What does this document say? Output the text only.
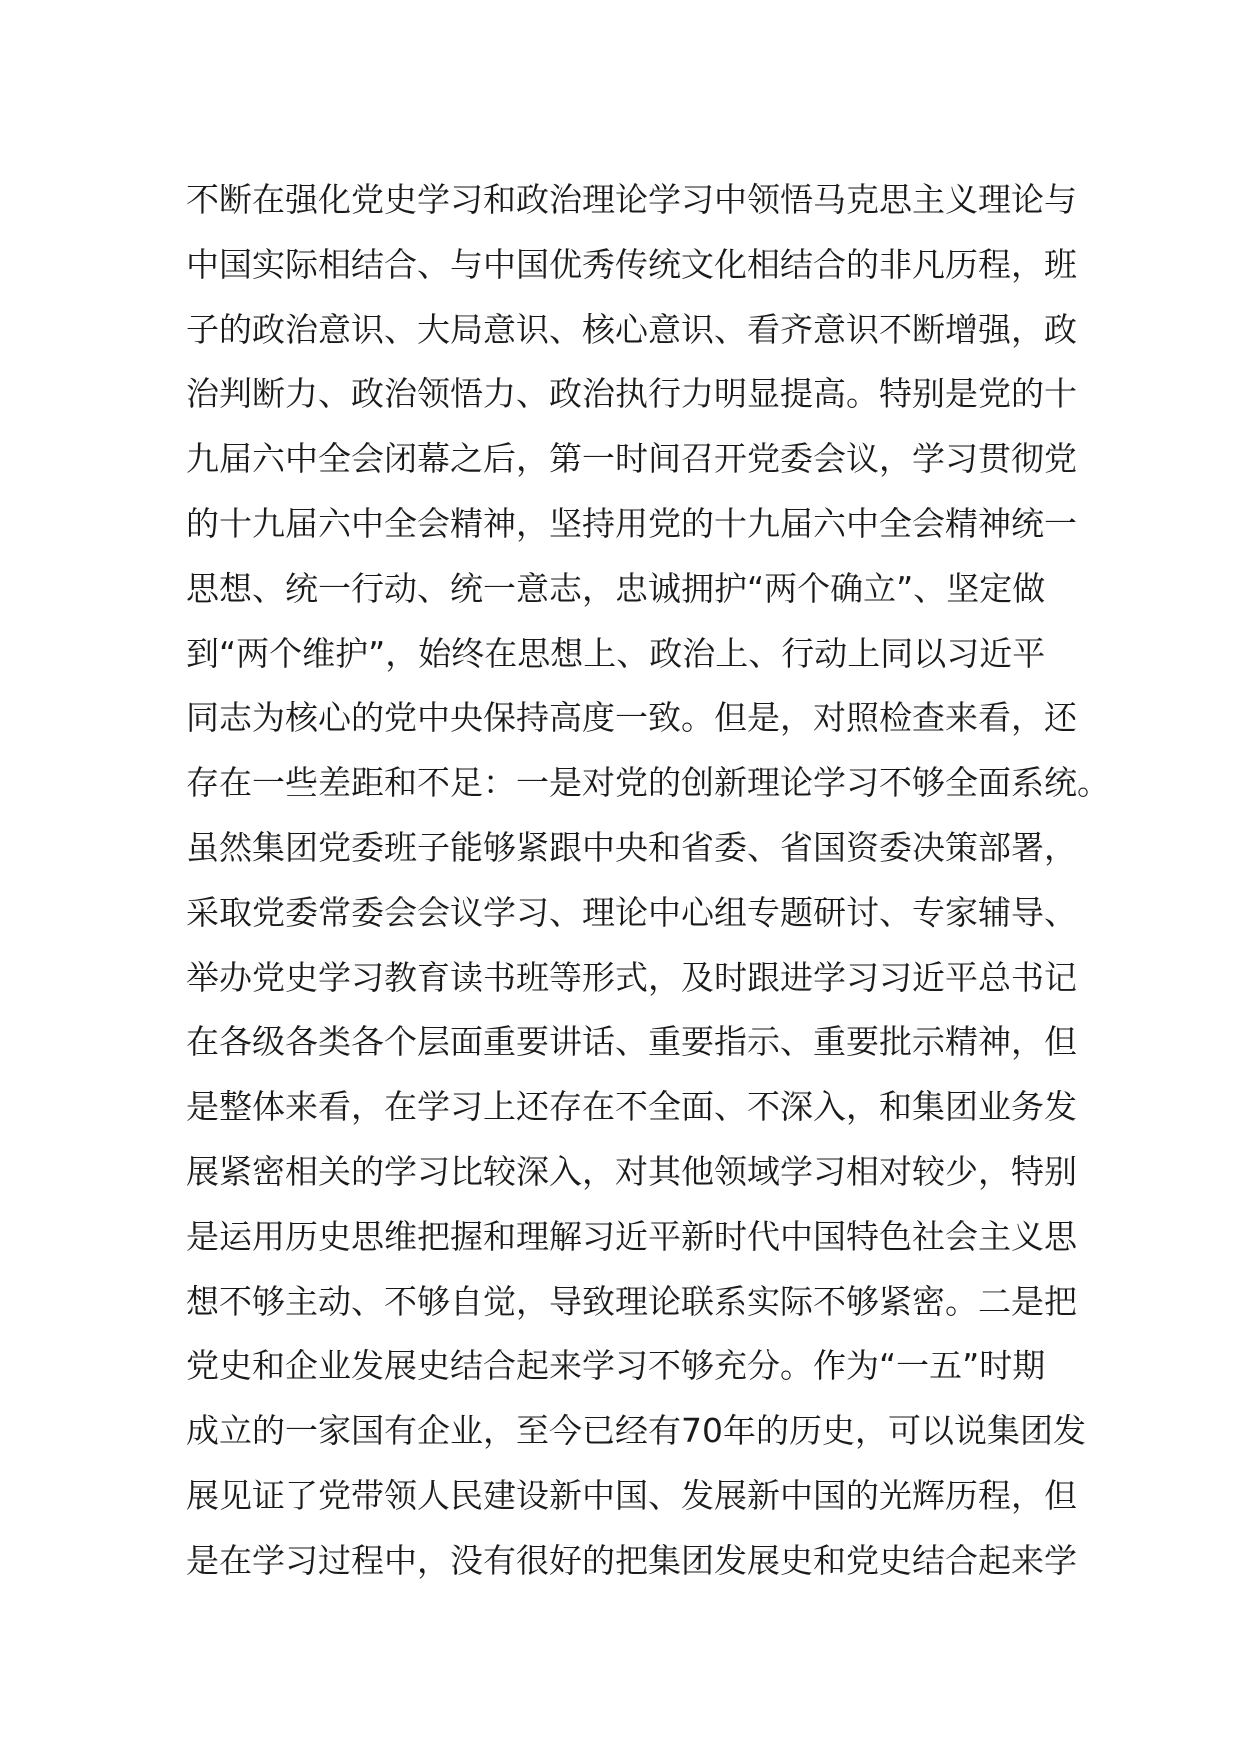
不断在强化党史学习和政治理论学习中领悟马克思主义理论与
中国实际相结合、与中国优秀传统文化相结合的非凡历程，班
子的政治意识、大局意识、核心意识、看齐意识不断增强，政
治判断力、政治领悟力、政治执行力明显提高。特别是党的十
九届六中全会闭幕之后，第一时间召开党委会议，学习贯彻党
的十九届六中全会精神，坚持用党的十九届六中全会精神统一
思想、统一行动、统一意志，忠诚拥护“两个确立”、坚定做
到“两个维护”，始终在思想上、政治上、行动上同以习近平
同志为核心的党中央保持高度一致。但是，对照检查来看，还
存在一些差距和不足：一是对党的创新理论学习不够全面系统。
虽然集团党委班子能够紧跟中央和省委、省国资委决策部署，
采取党委常委会会议学习、理论中心组专题研讨、专家辅导、
举办党史学习教育读书班等形式，及时跟进学习习近平总书记
在各级各类各个层面重要讲话、重要指示、重要批示精神，但
是整体来看，在学习上还存在不全面、不深入，和集团业务发
展紧密相关的学习比较深入，对其他领域学习相对较少，特别
是运用历史思维把握和理解习近平新时代中国特色社会主义思
想不够主动、不够自觉，导致理论联系实际不够紧密。二是把
党史和企业发展史结合起来学习不够充分。作为“一五”时期
成立的一家国有企业，至今已经有70年的历史，可以说集团发
展见证了党带领人民建设新中国、发展新中国的光辉历程，但
是在学习过程中，没有很好的把集团发展史和党史结合起来学
